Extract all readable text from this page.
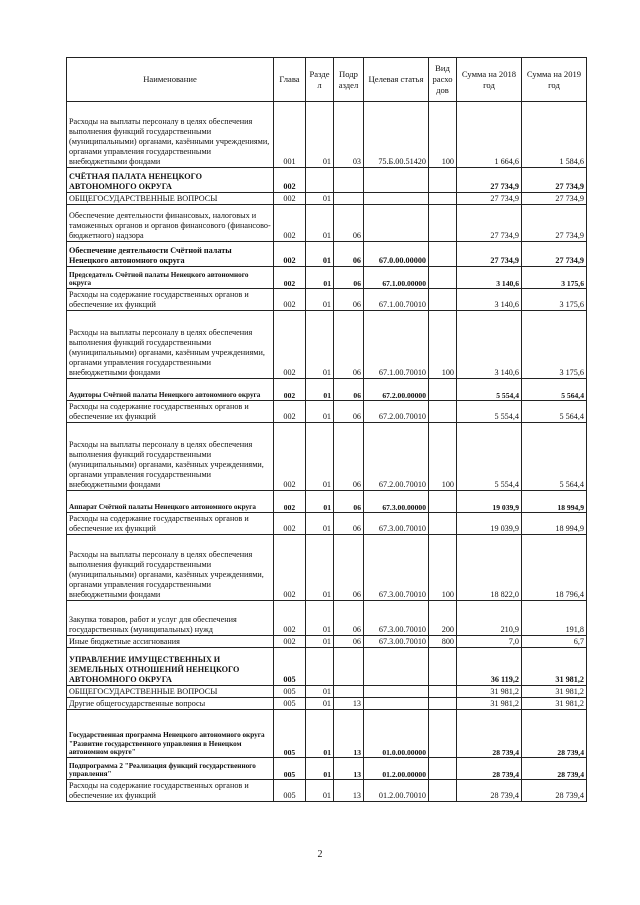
Наименование	Глава	Разде л	Подр аздел	Целевая статья	Вид расхо дов	Сумма на 2018 год	Сумма на 2019 год
Расходы на выплаты персоналу в целях обеспечения выполнения функций государственными (муниципальными) органами, казёнными учреждениями, органами управления государственными внебюджетными фондами	001	01	03	75.Б.00.51420	100	1 664,6	1 584,6
СЧЁТНАЯ ПАЛАТА НЕНЕЦКОГО АВТОНОМНОГО ОКРУГА	002					27 734,9	27 734,9
ОБЩЕГОСУДАРСТВЕННЫЕ ВОПРОСЫ	002	01				27 734,9	27 734,9
Обеспечение деятельности финансовых, налоговых и таможенных органов и органов финансового (финансово-бюджетного) надзора	002	01	06			27 734,9	27 734,9
Обеспечение деятельности Счётной палаты Ненецкого автономного округа	002	01	06	67.0.00.00000		27 734,9	27 734,9
Председатель Счётной палаты Ненецкого автономного округа	002	01	06	67.1.00.00000		3 140,6	3 175,6
Расходы на содержание государственных органов и обеспечение их функций	002	01	06	67.1.00.70010		3 140,6	3 175,6
Расходы на выплаты персоналу в целях обеспечения выполнения функций государственными (муниципальными) органами, казённым учреждениями, органами управления государственными внебюджетными фондами	002	01	06	67.1.00.70010	100	3 140,6	3 175,6
Аудиторы Счётной палаты Ненецкого автономного округа	002	01	06	67.2.00.00000		5 554,4	5 564,4
Расходы на содержание государственных органов и обеспечение их функций	002	01	06	67.2.00.70010		5 554,4	5 564,4
Расходы на выплаты персоналу в целях обеспечения выполнения функций государственными (муниципальными) органами, казённых учреждениями, органами управления государственными внебюджетными фондами	002	01	06	67.2.00.70010	100	5 554,4	5 564,4
Аппарат Счётной палаты Ненецкого автономного округа	002	01	06	67.3.00.00000		19 039,9	18 994,9
Расходы на содержание государственных органов и обеспечение их функций	002	01	06	67.3.00.70010		19 039,9	18 994,9
Расходы на выплаты персоналу в целях обеспечения выполнения функций государственными (муниципальными) органами, казённых учреждениями, органами управления государственными внебюджетными фондами	002	01	06	67.3.00.70010	100	18 822,0	18 796,4
Закупка товаров, работ и услуг для обеспечения государственных (муниципальных) нужд	002	01	06	67.3.00.70010	200	210,9	191,8
Иные бюджетные ассигнования	002	01	06	67.3.00.70010	800	7,0	6,7
УПРАВЛЕНИЕ ИМУЩЕСТВЕННЫХ И ЗЕМЕЛЬНЫХ ОТНОШЕНИЙ НЕНЕЦКОГО АВТОНОМНОГО ОКРУГА	005					36 119,2	31 981,2
ОБЩЕГОСУДАРСТВЕННЫЕ ВОПРОСЫ	005	01				31 981,2	31 981,2
Другие общегосударственные вопросы	005	01	13			31 981,2	31 981,2
Государственная программа Ненецкого автономного округа "Развитие государственного управления в Ненецком автономном округе"	005	01	13	01.0.00.00000		28 739,4	28 739,4
Подпрограмма 2 "Реализация функций государственного управления"	005	01	13	01.2.00.00000		28 739,4	28 739,4
Расходы на содержание государственных органов и обеспечение их функций	005	01	13	01.2.00.70010		28 739,4	28 739,4
2
